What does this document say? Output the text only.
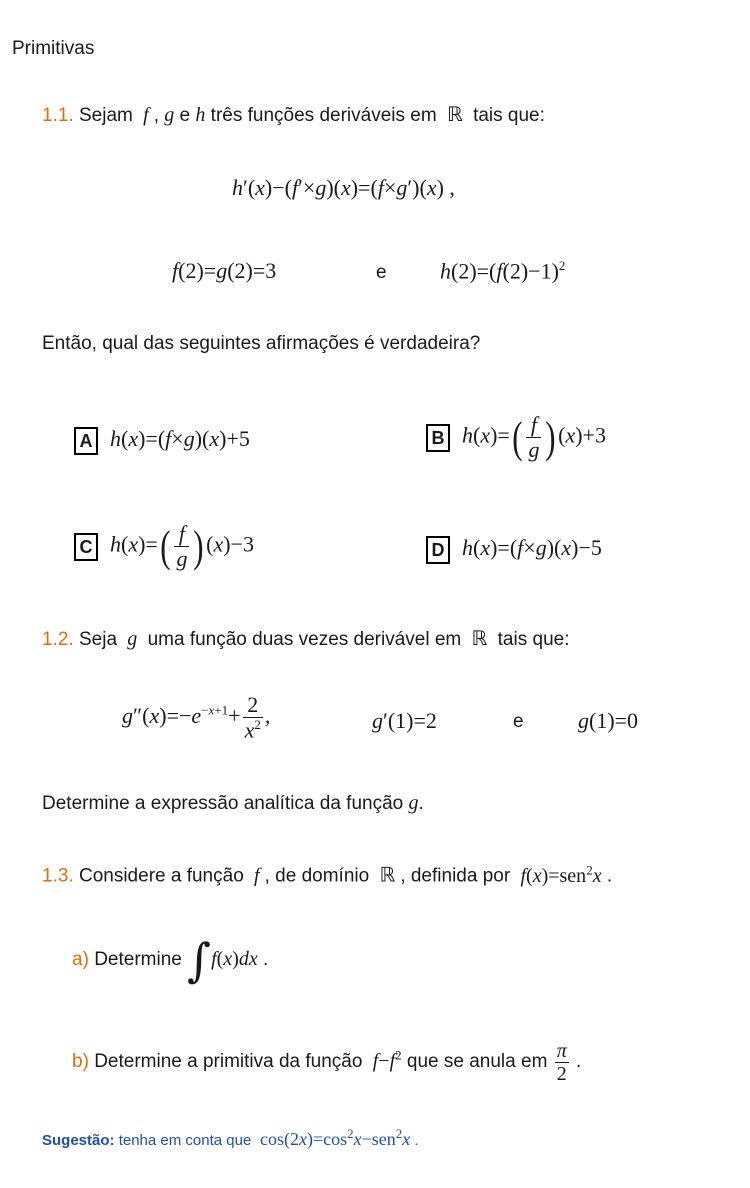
Primitivas
1.1. Sejam  f , g e h três funções deriváveis em  ℝ  tais que:
h′(x)−(f′×g)(x)=(f×g′)(x) ,
f(2)=g(2)=3	e $h(2)=(f(2)-1)^2$
Então, qual das seguintes afirmações é verdadeira?
A h(x)=(f×g)(x)+5	B $h(x)=( \frac{f}{g} )(x)+3$
C $h(x)=( \frac{f}{g} )(x)-3$	D h(x)=(f×g)(x)−5
1.2. Seja  g  uma função duas vezes derivável em  ℝ  tais que:
$g''(x)=-e^{-x+1}+ \frac{2}{x^2}$ ,	g′(1)=2	e g(1)=0
Determine a expressão analítica da função g.
1.3. Considere a função  f , de domínio  ℝ , definida por f(x)=sen$^2$x .
a) Determine ∫f(x)dx .
b) Determine a primitiva da função $f-f^2$ que se anula em $\frac{\pi}{2}$ .
Sugestão: tenha em conta que  $\cos(2x)=\cos^2x-sen^2x$ .
